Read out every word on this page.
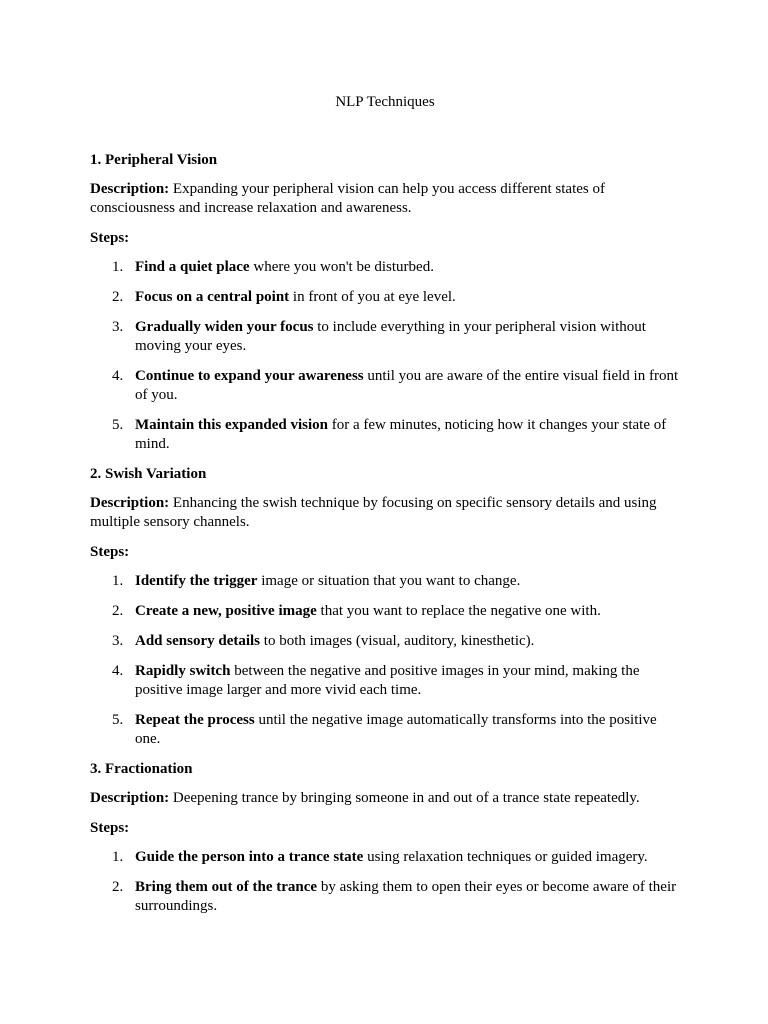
NLP Techniques
1. Peripheral Vision

Description: Expanding your peripheral vision can help you access different states of consciousness and increase relaxation and awareness.

Steps:
1. Find a quiet place where you won't be disturbed.
2. Focus on a central point in front of you at eye level.
3. Gradually widen your focus to include everything in your peripheral vision without moving your eyes.
4. Continue to expand your awareness until you are aware of the entire visual field in front of you.
5. Maintain this expanded vision for a few minutes, noticing how it changes your state of mind.
2. Swish Variation

Description: Enhancing the swish technique by focusing on specific sensory details and using multiple sensory channels.

Steps:
1. Identify the trigger image or situation that you want to change.
2. Create a new, positive image that you want to replace the negative one with.
3. Add sensory details to both images (visual, auditory, kinesthetic).
4. Rapidly switch between the negative and positive images in your mind, making the positive image larger and more vivid each time.
5. Repeat the process until the negative image automatically transforms into the positive one.
3. Fractionation

Description: Deepening trance by bringing someone in and out of a trance state repeatedly.

Steps:
1. Guide the person into a trance state using relaxation techniques or guided imagery.
2. Bring them out of the trance by asking them to open their eyes or become aware of their surroundings.
